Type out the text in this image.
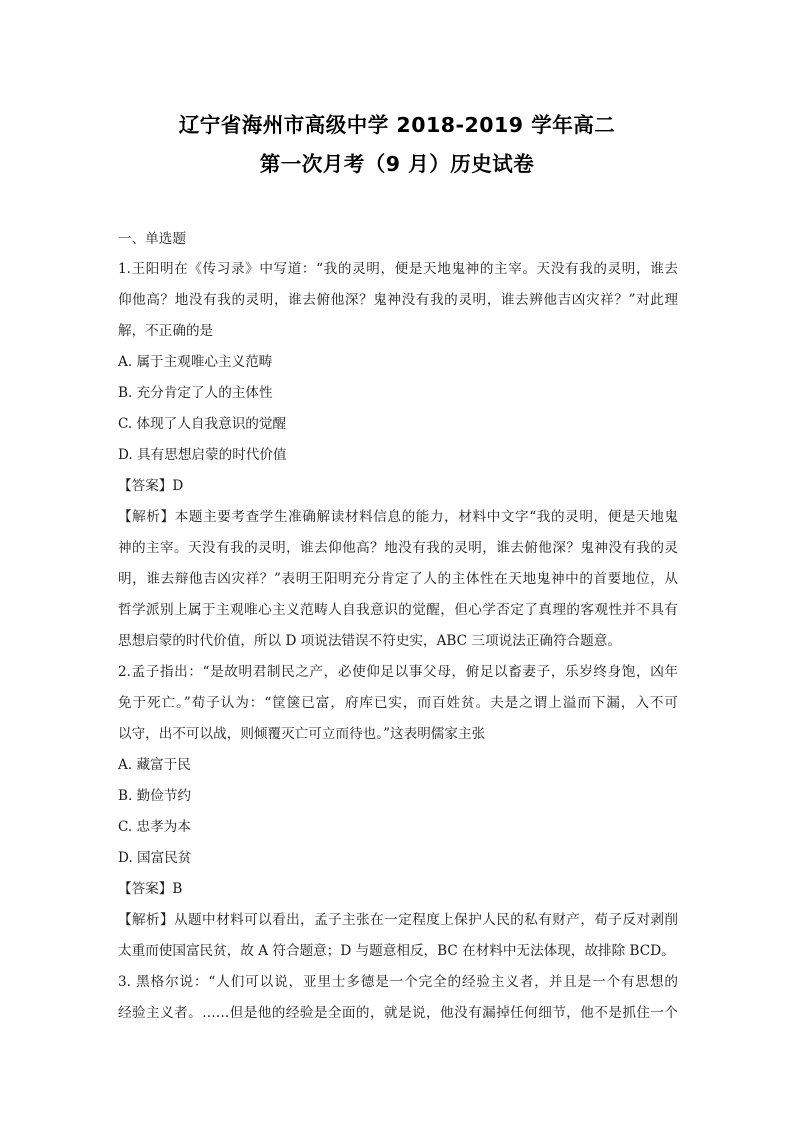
辽宁省海州市高级中学 2018-2019 学年高二
第一次月考（9 月）历史试卷
一、单选题
1.王阳明在《传习录》中写道：“我的灵明，便是天地鬼神的主宰。天没有我的灵明，谁去
仰他高？地没有我的灵明，谁去俯他深？鬼神没有我的灵明，谁去辨他吉凶灾祥？”对此理
解，不正确的是
A. 属于主观唯心主义范畴
B. 充分肯定了人的主体性
C. 体现了人自我意识的觉醒
D. 具有思想启蒙的时代价值
【答案】D
【解析】本题主要考查学生准确解读材料信息的能力，材料中文字“我的灵明，便是天地鬼
神的主宰。天没有我的灵明，谁去仰他高？地没有我的灵明，谁去俯他深？鬼神没有我的灵
明，谁去辩他吉凶灾祥？”表明王阳明充分肯定了人的主体性在天地鬼神中的首要地位，从
哲学派别上属于主观唯心主义范畴人自我意识的觉醒，但心学否定了真理的客观性并不具有
思想启蒙的时代价值，所以 D 项说法错误不符史实，ABC 三项说法正确符合题意。
2.孟子指出：“是故明君制民之产，必使仰足以事父母，俯足以畜妻子，乐岁终身饱，凶年
免于死亡。”荀子认为：“筐箧已富，府库已实，而百姓贫。夫是之谓上溢而下漏，入不可
以守，出不可以战，则倾覆灭亡可立而待也。”这表明儒家主张
A. 藏富于民
B. 勤俭节约
C. 忠孝为本
D. 国富民贫
【答案】B
【解析】从题中材料可以看出，孟子主张在一定程度上保护人民的私有财产，荀子反对剥削
太重而使国富民贫，故 A 符合题意；D 与题意相反，BC 在材料中无法体现，故排除 BCD。
3. 黑格尔说：“人们可以说，亚里士多德是一个完全的经验主义者，并且是一个有思想的
经验主义者。……但是他的经验是全面的，就是说，他没有漏掉任何细节，他不是抓住一个
